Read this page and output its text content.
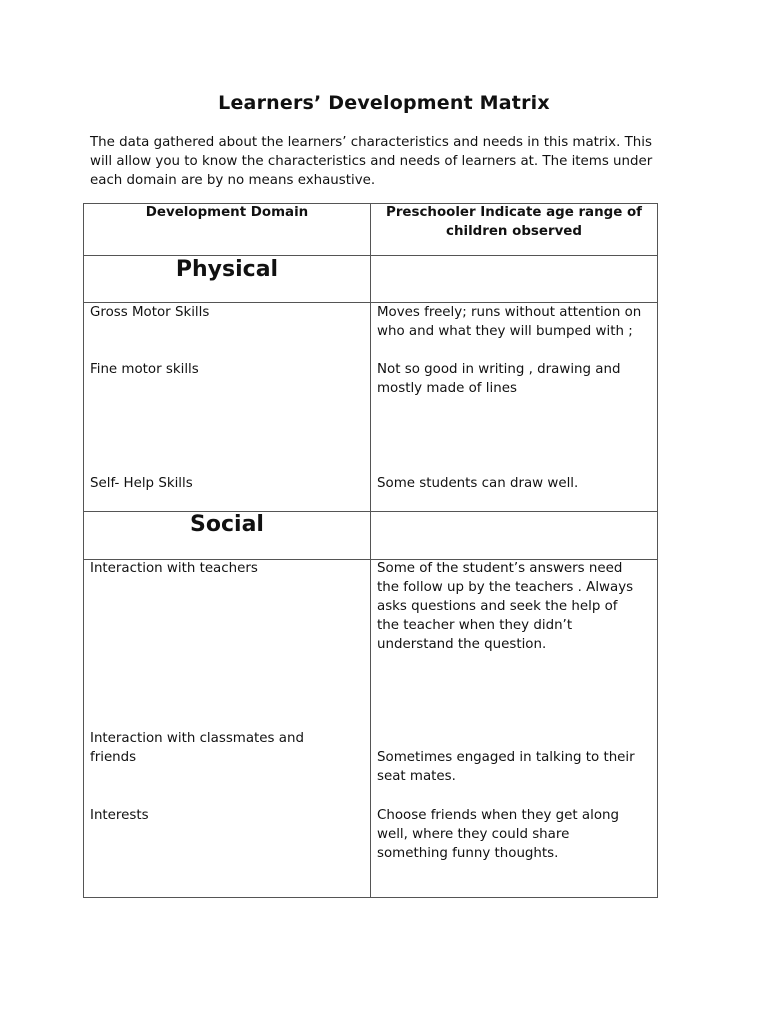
Learners’ Development Matrix
The data gathered about the learners’ characteristics and needs in this matrix. This
will allow you to know the characteristics and needs of learners at. The items under
each domain are by no means exhaustive.
Development Domain	Preschooler Indicate age range of
children observed
Physical
Gross Motor Skills	Moves freely; runs without attention on
who and what they will bumped with ;
Fine motor skills	Not so good in writing , drawing and
mostly made of lines
Self- Help Skills	Some students can draw well.
Social
Interaction with teachers	Some of the student’s answers need
the follow up by the teachers . Always
asks questions and seek the help of
the teacher when they didn’t
understand the question.
Interaction with classmates and
friends	Sometimes engaged in talking to their
seat mates.
Interests	Choose friends when they get along
well, where they could share
something funny thoughts.
